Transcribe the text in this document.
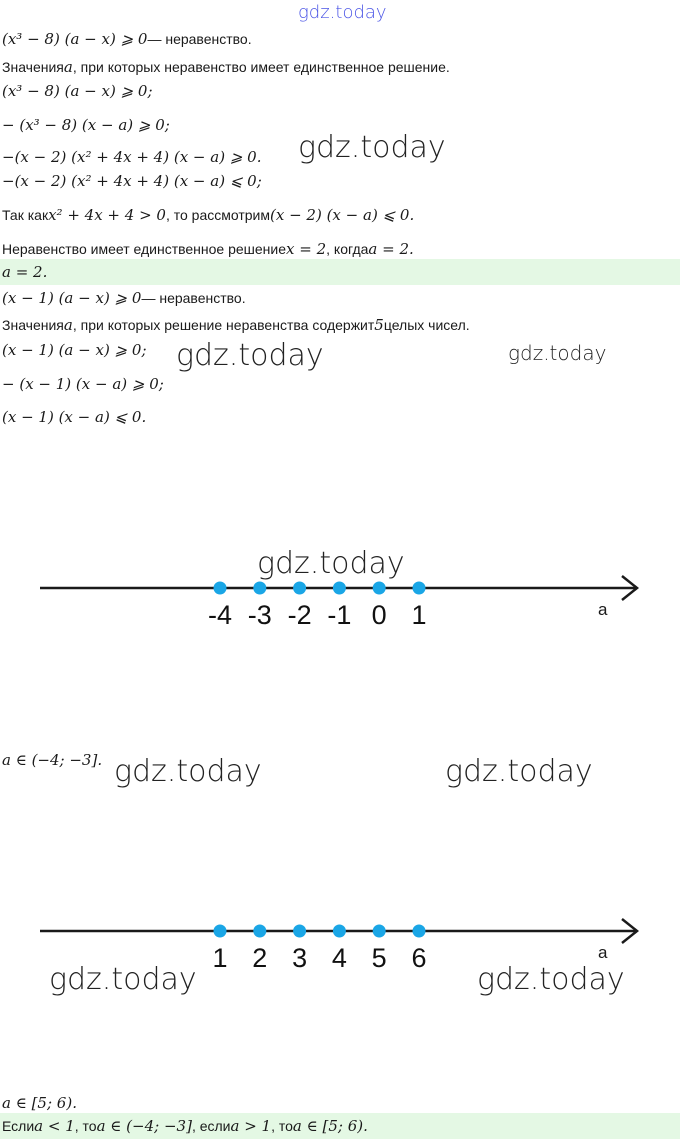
gdz.today
(x³ − 8) (a − x) ⩾ 0 — неравенство.
Значения a , при которых неравенство имеет единственное решение.
(x³ − 8) (a − x) ⩾ 0;
− (x³ − 8) (x − a) ⩾ 0;
−(x − 2) (x² + 4x + 4) (x − a) ⩾ 0.
−(x − 2) (x² + 4x + 4) (x − a) ⩽ 0;
Так как x² + 4x + 4 > 0 , то рассмотрим (x − 2) (x − a) ⩽ 0.
Неравенство имеет единственное решение x = 2 , когда a = 2.
a = 2.
(x − 1) (a − x) ⩾ 0 — неравенство.
Значения a , при которых решение неравенства содержит 5 целых чисел.
(x − 1) (a − x) ⩾ 0;
− (x − 1) (x − a) ⩾ 0;
(x − 1) (x − a) ⩽ 0.
a
-4 -3 -2 -1 0 1
a ∈ (−4; −3].
a
1 2 3 4 5 6
a ∈ [5; 6).
Если a < 1 , то a ∈ (−4; −3] , если a > 1 , то a ∈ [5; 6).
gdz.today
gdz.today	gdz.today
gdz.today
gdz.today	gdz.today
gdz.today	gdz.today
